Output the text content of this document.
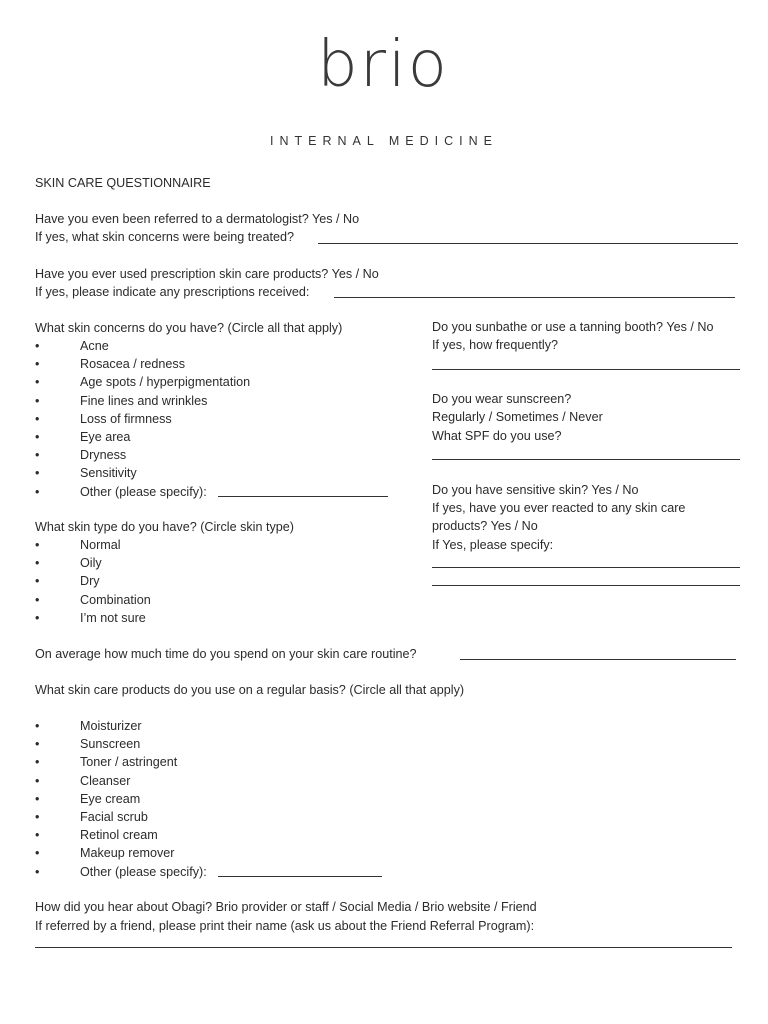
brio
INTERNAL MEDICINE
SKIN CARE QUESTIONNAIRE
Have you even been referred to a dermatologist? Yes / No
If yes, what skin concerns were being treated?
Have you ever used prescription skin care products? Yes / No
If yes, please indicate any prescriptions received:
What skin concerns do you have? (Circle all that apply)
•	Acne
•	Rosacea / redness
•	Age spots / hyperpigmentation
•	Fine lines and wrinkles
•	Loss of firmness
•	Eye area
•	Dryness
•	Sensitivity
•	Other (please specify):
What skin type do you have? (Circle skin type)
•	Normal
•	Oily
•	Dry
•	Combination
•	I’m not sure
Do you sunbathe or use a tanning booth? Yes / No
If yes, how frequently?
Do you wear sunscreen?
Regularly / Sometimes / Never
What SPF do you use?
Do you have sensitive skin? Yes / No
If yes, have you ever reacted to any skin care
products? Yes / No
If Yes, please specify:
On average how much time do you spend on your skin care routine?
What skin care products do you use on a regular basis? (Circle all that apply)
•	Moisturizer
•	Sunscreen
•	Toner / astringent
•	Cleanser
•	Eye cream
•	Facial scrub
•	Retinol cream
•	Makeup remover
•	Other (please specify):
How did you hear about Obagi? Brio provider or staff / Social Media / Brio website / Friend
If referred by a friend, please print their name (ask us about the Friend Referral Program):
